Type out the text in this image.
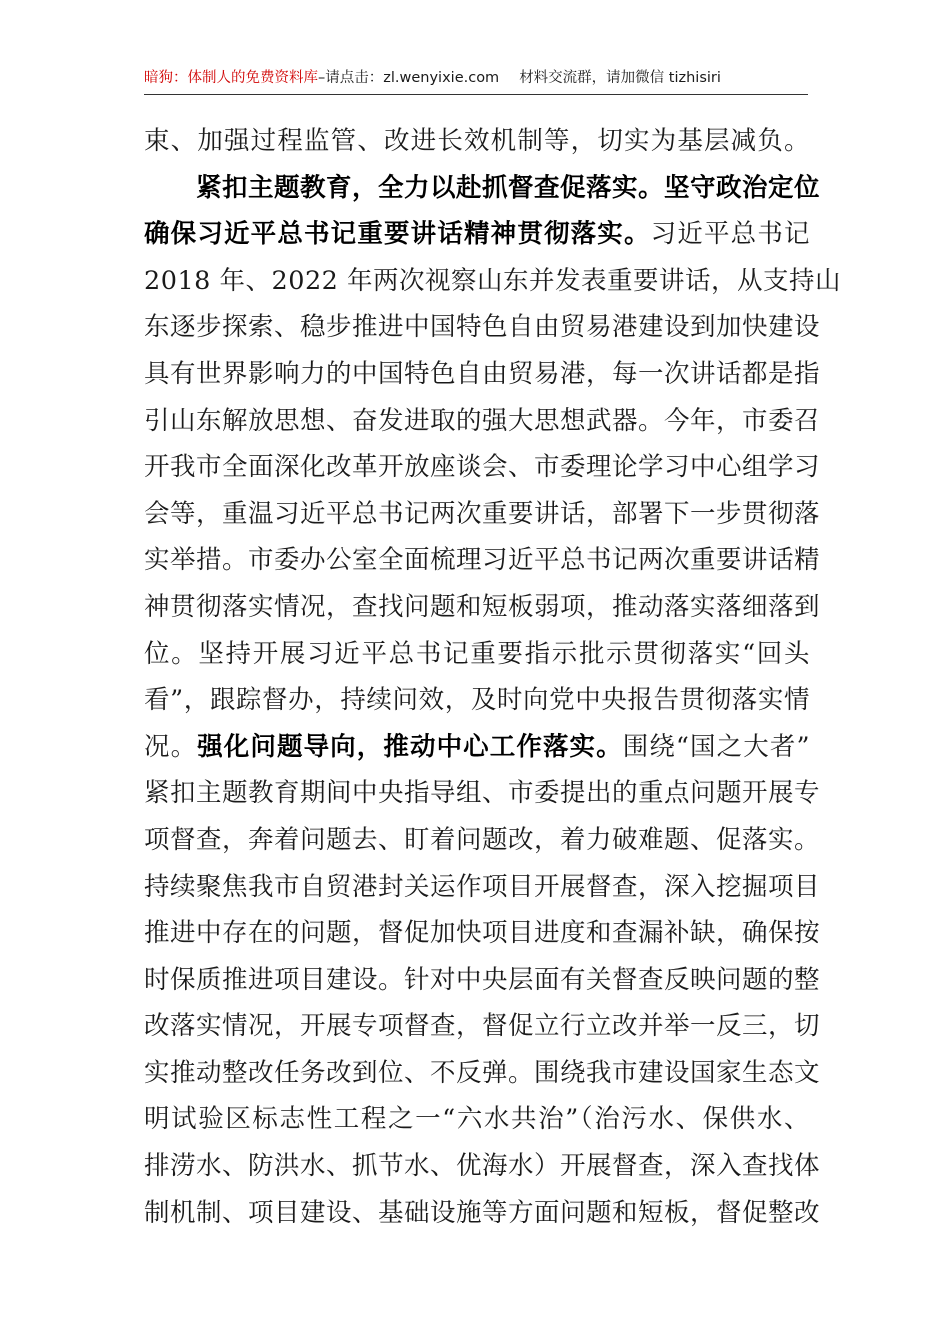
暗狗：体制人的免费资料库–请点击：zl.wenyixie.com 材料交流群，请加微信 tizhisiri
束、加强过程监管、改进长效机制等，切实为基层减负。
紧扣主题教育，全力以赴抓督查促落实。坚守政治定位
确保习近平总书记重要讲话精神贯彻落实。习近平总书记
2018 年、2022 年两次视察山东并发表重要讲话，从支持山
东逐步探索、稳步推进中国特色自由贸易港建设到加快建设
具有世界影响力的中国特色自由贸易港，每一次讲话都是指
引山东解放思想、奋发进取的强大思想武器。今年，市委召
开我市全面深化改革开放座谈会、市委理论学习中心组学习
会等，重温习近平总书记两次重要讲话，部署下一步贯彻落
实举措。市委办公室全面梳理习近平总书记两次重要讲话精
神贯彻落实情况，查找问题和短板弱项，推动落实落细落到
位。坚持开展习近平总书记重要指示批示贯彻落实“回头
看”，跟踪督办，持续问效，及时向党中央报告贯彻落实情
况。强化问题导向，推动中心工作落实。围绕“国之大者”
紧扣主题教育期间中央指导组、市委提出的重点问题开展专
项督查，奔着问题去、盯着问题改，着力破难题、促落实。
持续聚焦我市自贸港封关运作项目开展督查，深入挖掘项目
推进中存在的问题，督促加快项目进度和查漏补缺，确保按
时保质推进项目建设。针对中央层面有关督查反映问题的整
改落实情况，开展专项督查，督促立行立改并举一反三，切
实推动整改任务改到位、不反弹。围绕我市建设国家生态文
明试验区标志性工程之一“六水共治”（治污水、保供水、
排涝水、防洪水、抓节水、优海水）开展督查，深入查找体
制机制、项目建设、基础设施等方面问题和短板，督促整改
